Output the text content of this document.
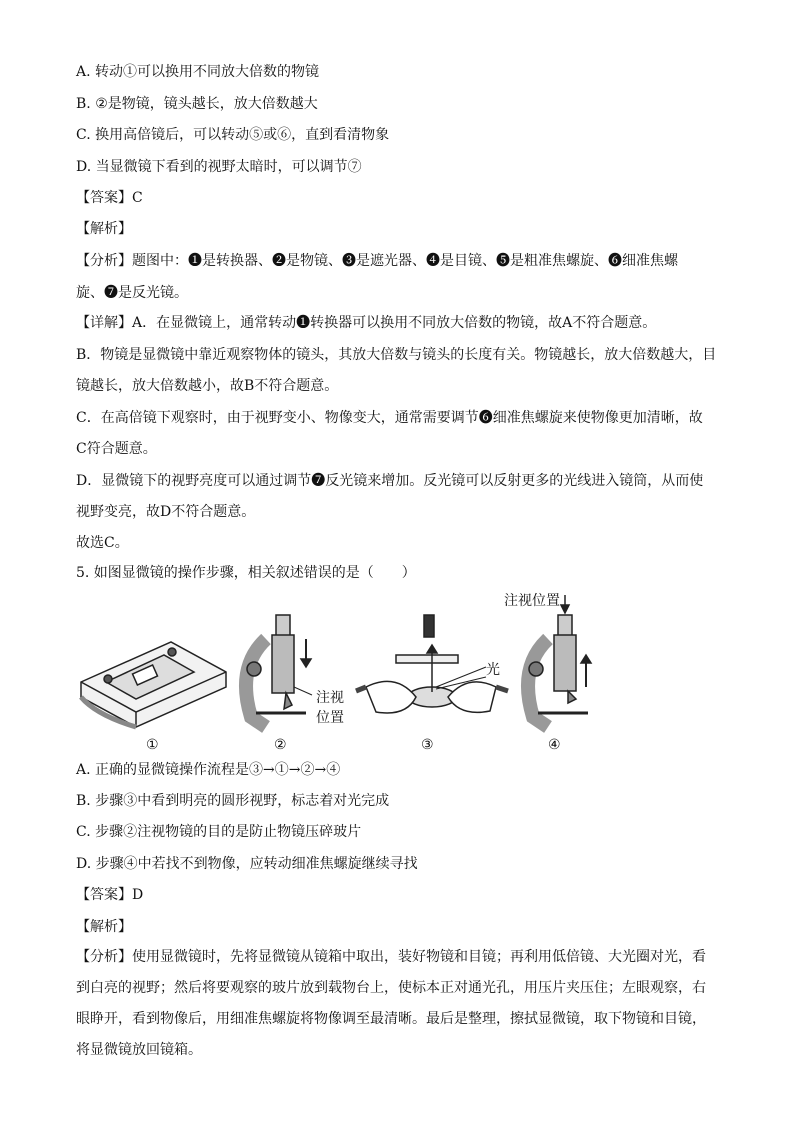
A. 转动①可以换用不同放大倍数的物镜
B. ②是物镜，镜头越长，放大倍数越大
C. 换用高倍镜后，可以转动⑤或⑥，直到看清物象
D. 当显微镜下看到的视野太暗时，可以调节⑦
【答案】C
【解析】
【分析】题图中：❶是转换器、❷是物镜、❸是遮光器、❹是目镜、❺是粗准焦螺旋、❻细准焦螺
旋、❼是反光镜。
【详解】A．在显微镜上，通常转动❶转换器可以换用不同放大倍数的物镜，故A不符合题意。
B．物镜是显微镜中靠近观察物体的镜头，其放大倍数与镜头的长度有关。物镜越长，放大倍数越大，目
镜越长，放大倍数越小，故B不符合题意。
C．在高倍镜下观察时，由于视野变小、物像变大，通常需要调节❻细准焦螺旋来使物像更加清晰，故
C符合题意。
D．显微镜下的视野亮度可以通过调节❼反光镜来增加。反光镜可以反射更多的光线进入镜筒，从而使
视野变亮，故D不符合题意。
故选C。
5. 如图显微镜的操作步骤，相关叙述错误的是（　　）
注视位置
注视
位置
光
①	②	③	④
A. 正确的显微镜操作流程是③→①→②→④
B. 步骤③中看到明亮的圆形视野，标志着对光完成
C. 步骤②注视物镜的目的是防止物镜压碎玻片
D. 步骤④中若找不到物像，应转动细准焦螺旋继续寻找
【答案】D
【解析】
【分析】使用显微镜时，先将显微镜从镜箱中取出，装好物镜和目镜；再利用低倍镜、大光圈对光，看到白亮的视野；然后将要观察的玻片放到载物台上，使标本正对通光孔，用压片夹压住；左眼观察，右眼睁开，看到物像后，用细准焦螺旋将物像调至最清晰。最后是整理，擦拭显微镜，取下物镜和目镜，将显微镜放回镜箱。
